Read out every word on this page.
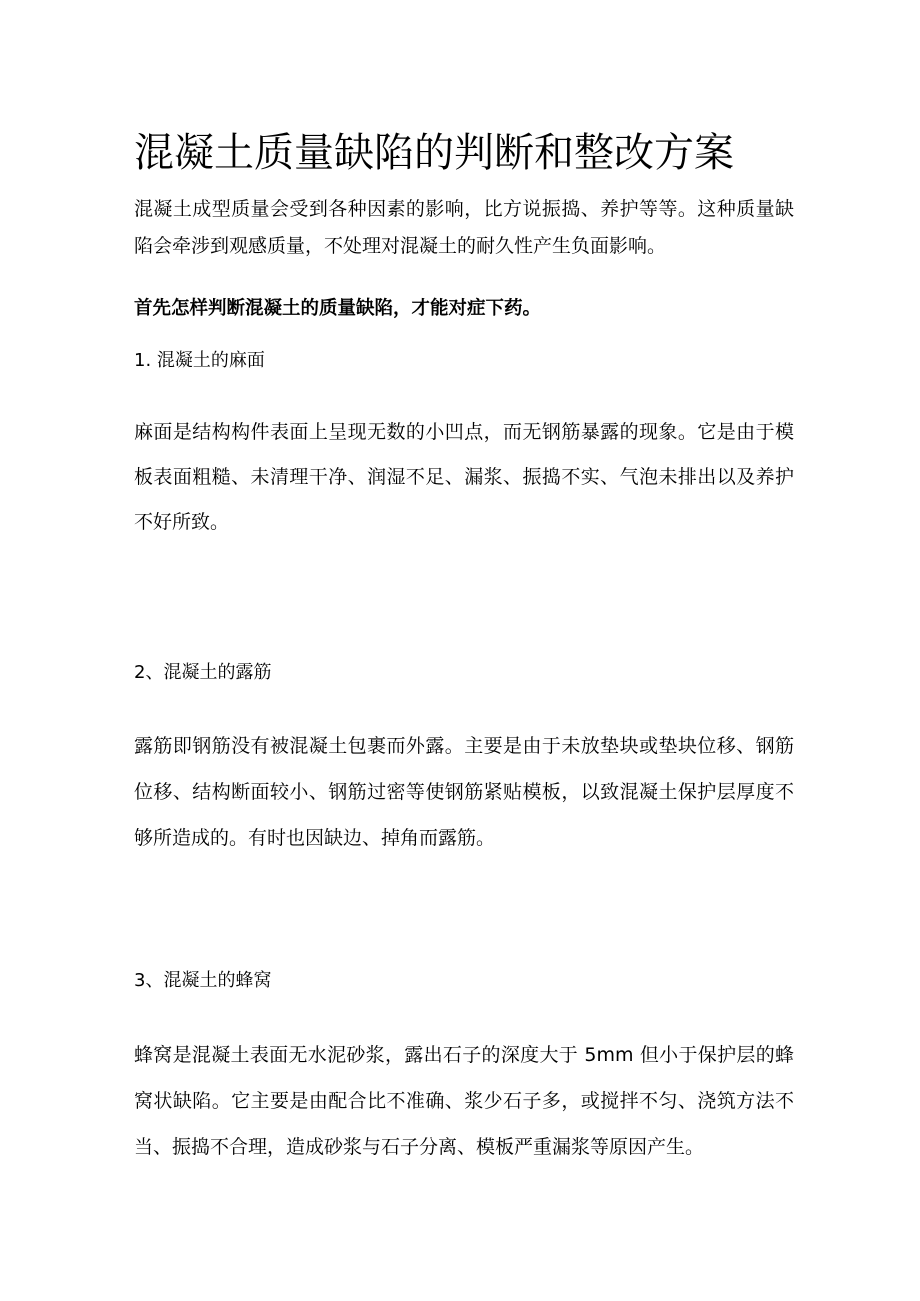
混凝土质量缺陷的判断和整改方案

混凝土成型质量会受到各种因素的影响，比方说振捣、养护等等。这种质量缺陷会牵涉到观感质量，不处理对混凝土的耐久性产生负面影响。

首先怎样判断混凝土的质量缺陷，才能对症下药。

1. 混凝土的麻面

麻面是结构构件表面上呈现无数的小凹点，而无钢筋暴露的现象。它是由于模板表面粗糙、未清理干净、润湿不足、漏浆、振捣不实、气泡未排出以及养护不好所致。

2、混凝土的露筋

露筋即钢筋没有被混凝土包裹而外露。主要是由于未放垫块或垫块位移、钢筋位移、结构断面较小、钢筋过密等使钢筋紧贴模板，以致混凝土保护层厚度不够所造成的。有时也因缺边、掉角而露筋。

3、混凝土的蜂窝

蜂窝是混凝土表面无水泥砂浆，露出石子的深度大于 5mm 但小于保护层的蜂窝状缺陷。它主要是由配合比不准确、浆少石子多，或搅拌不匀、浇筑方法不当、振捣不合理，造成砂浆与石子分离、模板严重漏浆等原因产生。
